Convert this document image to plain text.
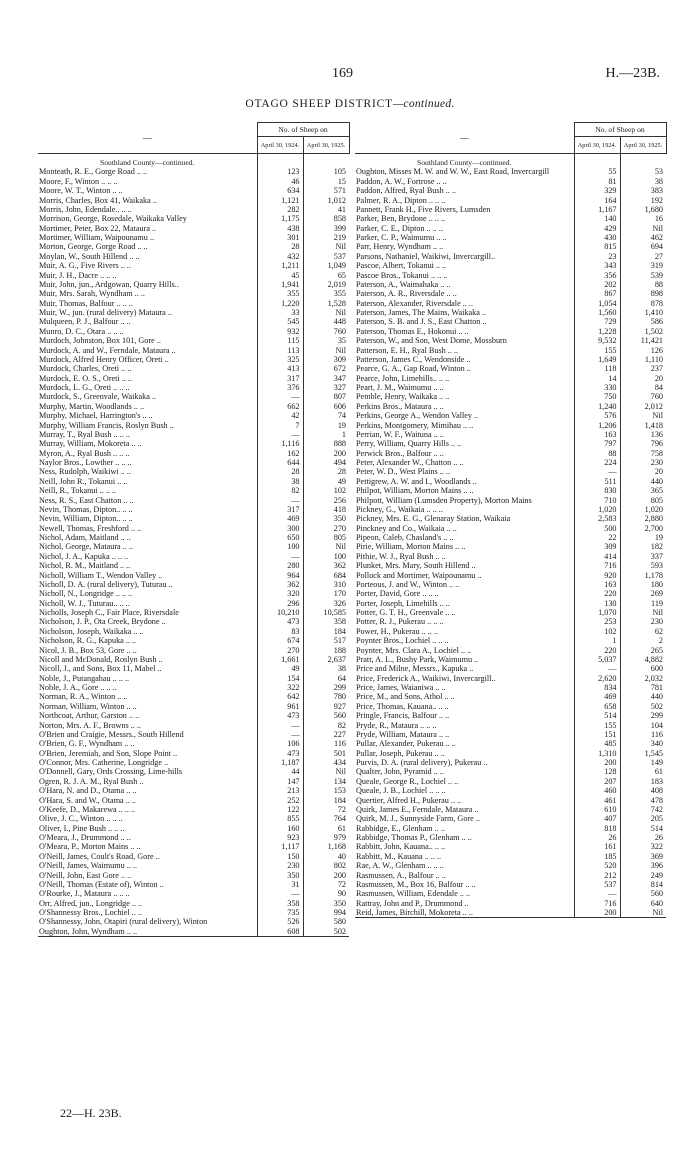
169	H.—23B.
OTAGO SHEEP DISTRICT—continued.
—	No. of Sheep on	
	April 30, 1924.	April 30, 1925.
Southland County—continued.		
Monteath, R. E., Gorge Road .. ..	123	105
Moore, F., Winton .. .. ..	46	15
Moore, W. T., Winton .. ..	634	571
Morris, Charles, Box 41, Waikaka ..	1,121	1,012
Morris, John, Edendale.. .. ..	282	41
Morrison, George, Rosedale, Waikaka Valley	1,175	858
Mortimer, Peter, Box 22, Mataura ..	438	399
Mortimer, William, Waipounamu ..	301	219
Morton, George, Gorge Road .. ..	28	Nil
Moylan, W., South Hillend .. ..	432	537
Muir, A. G., Five Rivers .. ..	1,211	1,049
Muir, J. H., Dacre .. .. ..	45	65
Muir, John, jun., Ardgowan, Quarry Hills..	1,941	2,019
Muir, Mrs. Sarah, Wyndham .. ..	355	355
Muir, Thomas, Balfour .. .. ..	1,220	1,528
Muir, W., jun. (rural delivery) Mataura ..	33	Nil
Mulqueen, P. J., Balfour .. ..	545	448
Munro, D. C., Otara .. .. ..	932	760
Murdoch, Johnston, Box 101, Gore ..	115	35
Murdock, A. and W., Ferndale, Mataura ..	113	Nil
Murdock, Alfred Henry Officer, Oreti ..	325	309
Murdock, Charles, Oreti .. ..	413	672
Murdock, E. O. S., Oreti .. ..	317	347
Murdock, L. G., Oreti .. .. ..	376	327
Murdock, S., Greenvale, Waikaka ..	—	807
Murphy, Martin, Woodlands .. ..	662	606
Murphy, Michael, Harrington's .. ..	42	74
Murphy, William Francis, Roslyn Bush ..	7	19
Murray, T., Ryal Bush .. .. ..	—	1
Murray, William, Mokoreta .. ..	1,116	888
Myron, A., Ryal Bush .. .. ..	162	200
Naylor Bros., Lowther .. .. ..	644	494
Ness, Rudolph, Waikiwi .. ..	28	28
Neill, John R., Tokanui .. ..	38	49
Neill, R., Tokanui .. .. ..	82	102
Ness, R. S., East Chatton .. ..	—	256
Nevin, Thomas, Dipton.. .. ..	317	418
Nevin, William, Dipton.. .. ..	469	350
Newell, Thomas, Freshford .. ..	300	270
Nichol, Adam, Maitland .. ..	650	805
Nichol, George, Mataura .. ..	100	Nil
Nichol, J. A., Kapuka .. .. ..	—	100
Nichol, R. M., Maitland .. ..	280	362
Nicholl, William T., Wendon Valley ..	964	684
Nicholl, D. A. (rural delivery), Tuturau ..	362	310
Nicholl, N., Longridge .. .. ..	320	170
Nicholl, W. J., Tuturau.. .. ..	296	326
Nicholls, Joseph C., Fair Place, Riversdale	10,210	10,585
Nicholson, J. P., Ota Creek, Brydone ..	473	358
Nicholson, Joseph, Waikaka .. ..	83	184
Nicholson, R. G., Kapuka .. ..	674	517
Nicol, J. B., Box 53, Gore .. ..	270	188
Nicoll and McDonald, Roslyn Bush ..	1,661	2,637
Nicoll, J., and Sons, Box 11, Mabel ..	49	38
Noble, J., Putangahau .. .. ..	154	64
Noble, J. A., Gore .. .. ..	322	299
Norman, R. A., Winton .. ..	642	780
Norman, William, Winton .. ..	961	927
Northcoat, Arthur, Garston .. ..	473	560
Norton, Mrs. A. F., Browns .. ..	—	82
O'Brien and Craigie, Messrs., South Hillend	—	227
O'Brien, G. F., Wyndham .. ..	106	116
O'Brien, Jeremiah, and Son, Slope Point ..	473	501
O'Connor, Mrs. Catherine, Longridge ..	1,187	434
O'Donnell, Gary, Ords Crossing, Lime-hills	44	Nil
Ogren, R. J. A. M., Ryal Bush ..	147	134
O'Hara, N. and D., Otama .. ..	213	153
O'Hara, S. and W., Otama .. ..	252	184
O'Keefe, D., Makarewa .. .. ..	122	72
Olive, J. C., Winton .. .. ..	855	764
Oliver, I., Pine Bush .. .. ..	160	61
O'Meara, J., Drummond .. ..	923	979
O'Meara, P., Morton Mains .. ..	1,117	1,168
O'Neill, James, Coult's Road, Gore ..	150	40
O'Neill, James, Waimumu .. ..	230	802
O'Neill, John, East Gore .. ..	350	200
O'Neill, Thomas (Estate of), Winton ..	31	72
O'Rourke, J., Mataura .. .. ..	—	90
Orr, Alfred, jun., Longridge .. ..	358	350
O'Shannessy Bros., Lochiel .. ..	735	994
O'Shannessy, John, Otapiri (rural delivery), Winton	526	580
Oughton, John, Wyndham .. ..	608	502
—	No. of Sheep on	
	April 30, 1924.	April 30, 1925.
Southland County—continued.		
Oughton, Misses M. W. and W. W., East Road, Invercargill	55	53
Paddon, A. W., Fortrose .. ..	81	38
Paddon, Alfred, Ryal Bush .. ..	329	383
Palmer, R. A., Dipton .. .. ..	164	192
Pannett, Frank H., Five Rivers, Lumsden	1,167	1,680
Parker, Ben, Brydone .. .. ..	140	16
Parker, C. E., Dipton .. .. ..	429	Nil
Parker, C. P., Waimumu .. ..	430	462
Parr, Henry, Wyndham .. ..	815	694
Parsons, Nathaniel, Waikiwi, Invercargill..	23	27
Pascoe, Albert, Tokanui .. ..	343	319
Pascoe Bros., Tokanui .. .. ..	356	539
Paterson, A., Waimahaka .. ..	202	88
Paterson, A. R., Riversdale .. ..	867	898
Paterson, Alexander, Riversdale .. ..	1,054	878
Paterson, James, The Mains, Waikaka ..	1,560	1,410
Paterson, S. B. and J. S., East Chatton ..	729	586
Paterson, Thomas E., Hokonui .. ..	1,228	1,502
Paterson, W., and Son, West Dome, Mossburn	9,532	11,421
Patterson, E. H., Ryal Bush .. ..	155	126
Patterson, James C., Wendonside ..	1,649	1,110
Pearce, G. A., Gap Road, Winton ..	118	237
Pearce, John, Limehills.. .. ..	14	20
Peart, J. M., Waimumu .. ..	330	84
Pemble, Henry, Waikaka .. ..	750	760
Perkins Bros., Mataura .. ..	1,240	2,012
Perkins, George A., Wendon Valley ..	576	Nil
Perkins, Montgomery, Mimihau .. ..	1,206	1,418
Perrian, W. F., Waituna .. ..	163	136
Perry, William, Quarry Hills .. ..	797	796
Perwick Bros., Balfour .. ..	88	758
Peter, Alexander W., Chatton .. ..	224	230
Peter, W. D., West Plains .. ..	—	20
Pettigrew, A. W. and I., Woodlands ..	511	440
Philpot, William, Morton Mains .. ..	830	365
Philpott, William (Lumsden Property), Morton Mains	710	805
Pickney, G., Waikaia .. .. ..	1,020	1,020
Pickney, Mrs. E. G., Glenaray Station, Waikaia	2,583	2,880
Pinckney and Co., Waikaia .. ..	500	2,700
Pipeon, Caleb, Chasland's .. ..	22	19
Pirie, William, Morton Mains .. ..	309	182
Pithie, W. J., Ryal Bush .. ..	414	337
Plunket, Mrs. Mary, South Hillend ..	716	593
Pollock and Mortimer, Waipounamu ..	920	1,178
Porteous, J. and W., Winton .. ..	163	180
Porter, David, Gore .. .. ..	220	269
Porter, Joseph, Limehills .. ..	130	119
Potter, G. T. H., Greenvale .. ..	1,070	Nil
Potter, R. J., Pukerau .. .. ..	253	230
Power, H., Pukerau .. .. ..	102	62
Poynter Bros., Lochiel .. .. ..	1	2
Poynter, Mrs. Clara A., Lochiel .. ..	220	265
Pratt, A. L., Bushy Park, Waimumu ..	5,037	4,882
Price and Milne, Messrs., Kapuka ..	—	600
Price, Frederick A., Waikiwi, Invercargill..	2,620	2,032
Price, James, Waianiwa .. ..	834	781
Price, M., and Sons, Athol .. ..	469	440
Price, Thomas, Kauana.. .. ..	658	502
Pringle, Francis, Balfour .. ..	514	299
Pryde, R., Mataura .. .. ..	155	104
Pryde, William, Mataura .. ..	151	116
Pullar, Alexander, Pukerau .. ..	485	340
Pullar, Joseph, Pukerau .. ..	1,310	1,545
Purvis, D. A. (rural delivery), Pukerau ..	200	149
Qualter, John, Pyramid .. ..	128	61
Queale, George R., Lochiel .. ..	207	183
Queale, J. B., Lochiel .. .. ..	460	408
Quertier, Alfred H., Pukerau .. ..	461	478
Quirk, James E., Ferndale, Mataura ..	610	742
Quirk, M. J., Sunnyside Farm, Gore ..	407	205
Rabbidge, E., Glenham .. ..	818	514
Rabbidge, Thomas P., Glenham .. ..	26	26
Rabbitt, John, Kauana.. .. ..	161	322
Rabbitt, M., Kauana .. .. ..	185	369
Rae, A. W., Glenham .. .. ..	520	396
Rasmussen, A., Balfour .. ..	212	249
Rasmussen, M., Box 16, Balfour .. ..	537	814
Rasmussen, William, Edendale .. ..	—	560
Rattray, John and P., Drummond ..	716	640
Reid, James, Birchill, Mokoreta .. ..	200	Nil
22—H. 23B.
